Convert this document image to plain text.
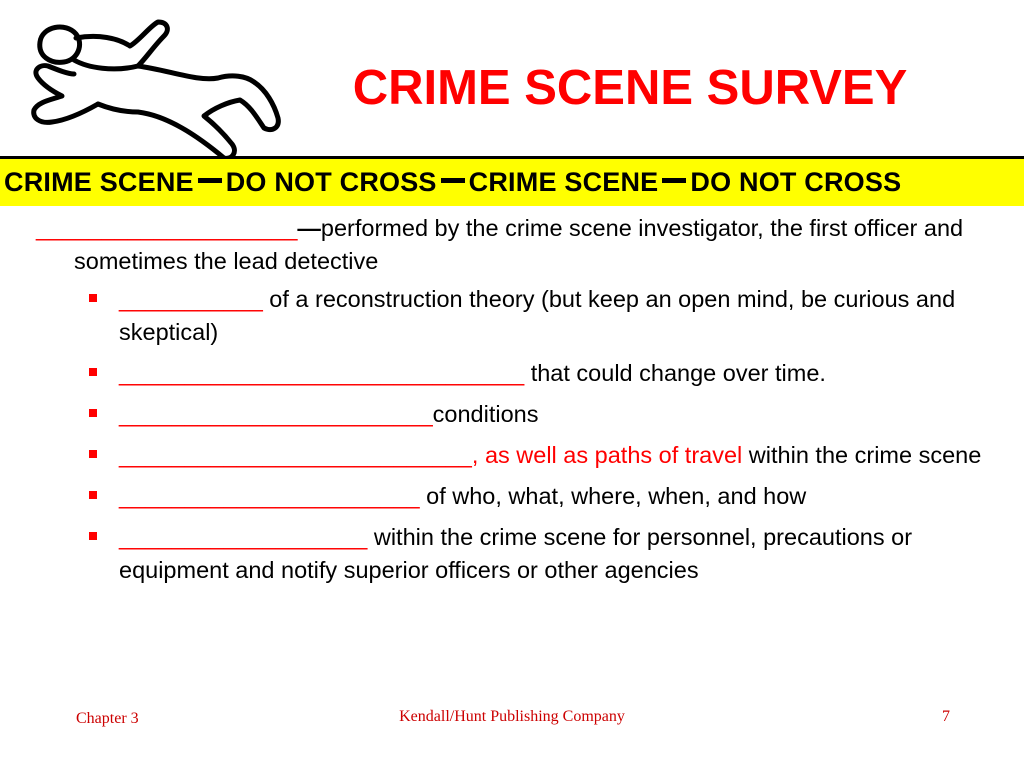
CRIME SCENE SURVEY
CRIME SCENE DO NOT CROSS CRIME SCENE DO NOT CROSS

____________________—performed by the crime scene investigator, the first officer and sometimes the lead detective

___________ of a reconstruction theory (but keep an open mind, be curious and skeptical)
_______________________________ that could change over time.
________________________conditions
___________________________, as well as paths of travel within the crime scene
_______________________ of who, what, where, when, and how
___________________ within the crime scene for personnel, precautions or equipment and notify superior officers or other agencies
Chapter 3	Kendall/Hunt Publishing Company	7
